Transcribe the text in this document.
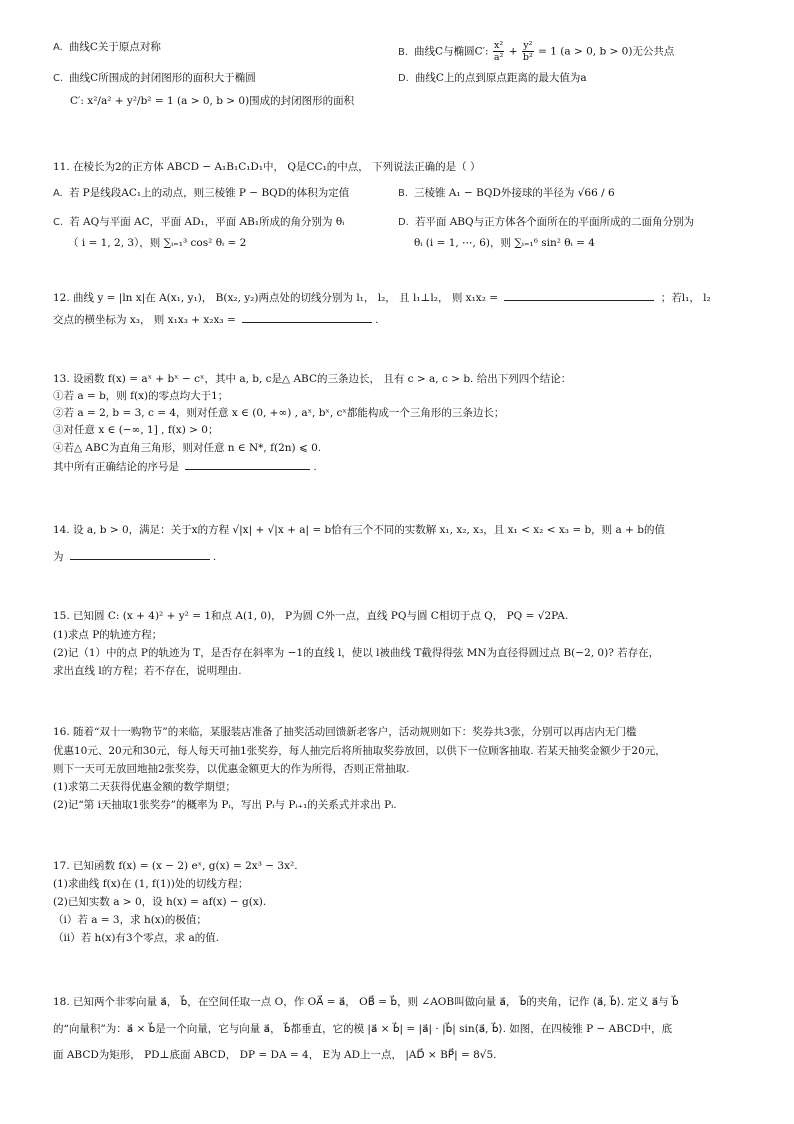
A. 曲线C关于原点对称	B. 曲线C与椭圆C′: $\frac{\text{x²}}{\text{a²}} + \frac{\text{y²}}{\text{b²}} = 1$ (a > 0, b > 0)无公共点
C. 曲线C所围成的封闭图形的面积大于椭圆
C′: x²/a² + y²/b² = 1 (a > 0, b > 0)围成的封闭图形的面积
D. 曲线C上的点到原点距离的最大值为a
11. 在棱长为2的正方体 ABCD − A₁B₁C₁D₁中， Q是CC₁的中点， 下列说法正确的是（ ）
A. 若 P是线段AC₁上的动点，则三棱锥 P − BQD的体积为定值	B. 三棱锥 A₁ − BQD外接球的半径为 √66 / 6
C. 若 AQ与平面 AC，平面 AD₁，平面 AB₁所成的角分别为 θᵢ
（ i = 1, 2, 3），则 ∑ᵢ₌₁³ cos² θᵢ = 2
D. 若平面 ABQ与正方体各个面所在的平面所成的二面角分别为
θᵢ (i = 1, ⋯, 6)，则 ∑ᵢ₌₁⁶ sin² θᵢ = 4
12. 曲线 y = |ln x|在 A(x₁, y₁)， B(x₂, y₂)两点处的切线分别为 l₁， l₂， 且 l₁⊥l₂， 则 x₁x₂ =	；若l₁， l₂
交点的横坐标为 x₃， 则 x₁x₃ + x₂x₃ =	.
13. 设函数 f(x) = aˣ + bˣ − cˣ，其中 a, b, c是△ ABC的三条边长， 且有 c > a, c > b. 给出下列四个结论：
①若 a = b，则 f(x)的零点均大于1；
②若 a = 2, b = 3, c = 4，则对任意 x ∈ (0, +∞) , aˣ, bˣ, cˣ都能构成一个三角形的三条边长；
③对任意 x ∈ (−∞, 1] , f(x) > 0；
④若△ ABC为直角三角形，则对任意 n ∈ N*, f(2n) ⩽ 0.
其中所有正确结论的序号是	.
14. 设 a, b > 0，满足：关于x的方程 √|x| + √|x + a| = b恰有三个不同的实数解 x₁, x₂, x₃，且 x₁ < x₂ < x₃ = b，则 a + b的值
为	.
15. 已知圆 C: (x + 4)² + y² = 1和点 A(1, 0)， P为圆 C外一点，直线 PQ与圆 C相切于点 Q， PQ = √2PA.
(1)求点 P的轨迹方程；
(2)记（1）中的点 P的轨迹为 T，是否存在斜率为 −1的直线 l，使以 l被曲线 T截得得弦 MN为直径得圆过点 B(−2, 0)? 若存在，
求出直线 l的方程；若不存在，说明理由.
16. 随着“双十一购物节”的来临，某服装店准备了抽奖活动回馈新老客户，活动规则如下：奖券共3张，分别可以再店内无门槛
优惠10元、20元和30元，每人每天可抽1张奖券，每人抽完后将所抽取奖券放回，以供下一位顾客抽取. 若某天抽奖金额少于20元，
则下一天可无放回地抽2张奖券，以优惠金额更大的作为所得，否则正常抽取.
(1)求第二天获得优惠金额的数学期望；
(2)记“第 i天抽取1张奖券”的概率为 Pᵢ，写出 Pᵢ与 Pᵢ₊₁的关系式并求出 Pᵢ.
17. 已知函数 f(x) = (x − 2) eˣ, g(x) = 2x³ − 3x².
(1)求曲线 f(x)在 (1, f(1))处的切线方程；
(2)已知实数 a > 0，设 h(x) = af(x) − g(x).
（i）若 a = 3，求 h(x)的极值；
（ii）若 h(x)有3个零点，求 a的值.
18. 已知两个非零向量 a⃗， b⃗，在空间任取一点 O，作 OA⃗ = a⃗， OB⃗ = b⃗，则 ∠AOB叫做向量 a⃗， b⃗的夹角，记作 ⟨a⃗, b⃗⟩. 定义 a⃗与 b⃗
的“向量积”为：a⃗ × b⃗是一个向量，它与向量 a⃗， b⃗都垂直，它的模 |a⃗ × b⃗| = |a⃗| · |b⃗| sin⟨a⃗, b⃗⟩. 如图，在四棱锥 P − ABCD中，底
面 ABCD为矩形， PD⊥底面 ABCD， DP = DA = 4， E为 AD上一点， |AD⃗ × BP⃗| = 8√5.
